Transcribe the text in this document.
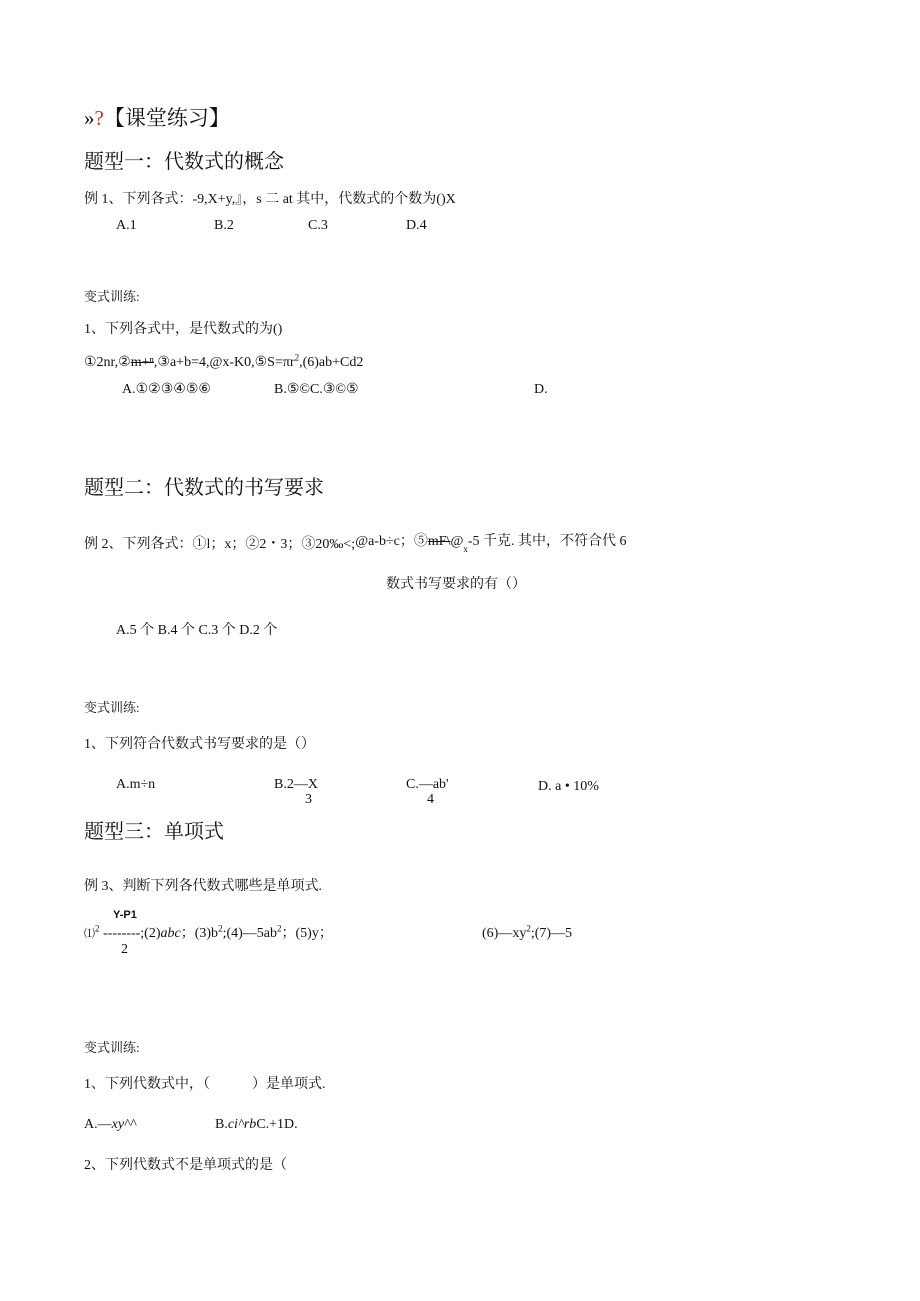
»?【课堂练习】
题型一：代数式的概念
例 1、下列各式：-9,X+y,』，s 二 at 其中，代数式的个数为()X
A.1	B.2	C.3	D.4
变式训练:
1、下列各式中，是代数式的为()
$①2nr,②m+^n,③a+b=4,@x-K0,⑤S=\pi r^2,(6)ab+Cd2$
A.①②③④⑤⑥	B.⑤©C.③©⑤	D.
题型二：代数式的书写要求
例 2、下列各式：①l；x；②2・3；③20‰<;@a-b÷c；$⑤mF\backslash@_x-5$ 千克. 其中，不符合代 6
数式书写要求的有（）
A.5 个 B.4 个 C.3 个 D.2 个
变式训练:
1、下列符合代数式书写要求的是（）
A.m÷n	B.2—X
3
C.—ab'
4
D. a • 10%
题型三：单项式
例 3、判断下列各代数式哪些是单项式.
Y-P1
⑴$^2$ --------;(2)abc；$(3)b^2;(4)—5ab^2$；(5)y；
2
$(6)—xy^2;(7)—5$
变式训练:
1、下列代数式中，（　　　）是单项式.
A.—xy^^	B.ci^rbC.+1D.
2、下列代数式不是单项式的是（
